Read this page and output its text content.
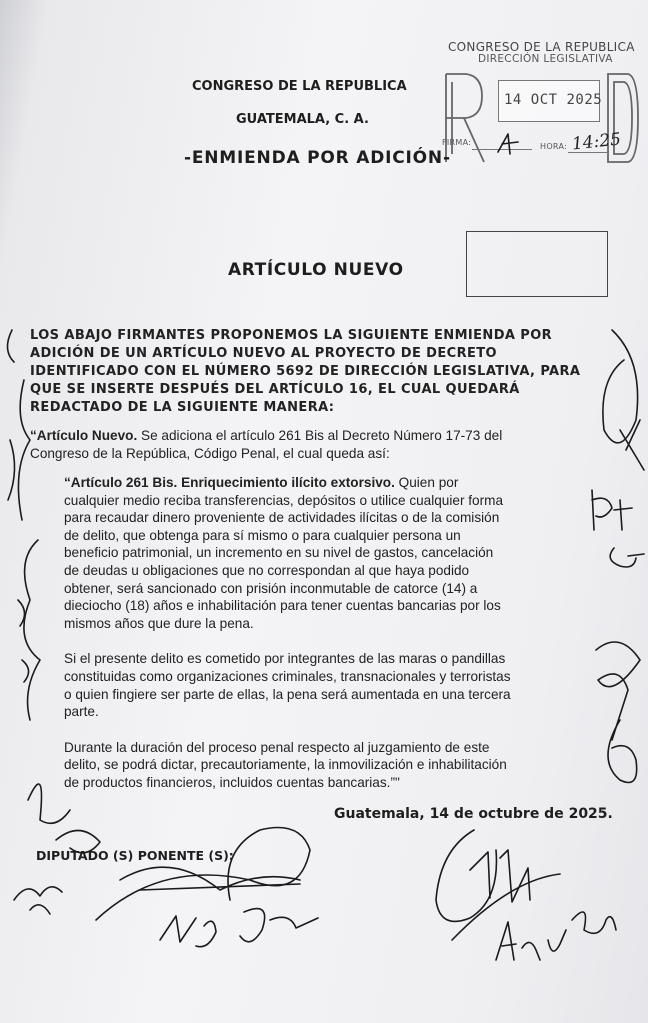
CONGRESO DE LA REPUBLICA
DIRECCIÓN LEGISLATIVA
14 OCT 2025
FIRMA:	HORA: 14:25
CONGRESO DE LA REPUBLICA
GUATEMALA, C. A.
-ENMIENDA POR ADICIÓN-
ARTÍCULO NUEVO
LOS ABAJO FIRMANTES PROPONEMOS LA SIGUIENTE ENMIENDA POR
ADICIÓN DE UN ARTÍCULO NUEVO AL PROYECTO DE DECRETO
IDENTIFICADO CON EL NÚMERO 5692 DE DIRECCIÓN LEGISLATIVA, PARA
QUE SE INSERTE DESPUÉS DEL ARTÍCULO 16, EL CUAL QUEDARÁ
REDACTADO DE LA SIGUIENTE MANERA:
“Artículo Nuevo. Se adiciona el artículo 261 Bis al Decreto Número 17-73 del
Congreso de la República, Código Penal, el cual queda así:
“Artículo 261 Bis. Enriquecimiento ilícito extorsivo. Quien por
cualquier medio reciba transferencias, depósitos o utilice cualquier forma
para recaudar dinero proveniente de actividades ilícitas o de la comisión
de delito, que obtenga para sí mismo o para cualquier persona un
beneficio patrimonial, un incremento en su nivel de gastos, cancelación
de deudas u obligaciones que no correspondan al que haya podido
obtener, será sancionado con prisión inconmutable de catorce (14) a
dieciocho (18) años e inhabilitación para tener cuentas bancarias por los
mismos años que dure la pena.
Si el presente delito es cometido por integrantes de las maras o pandillas
constituidas como organizaciones criminales, transnacionales y terroristas
o quien fingiere ser parte de ellas, la pena será aumentada en una tercera
parte.
Durante la duración del proceso penal respecto al juzgamiento de este
delito, se podrá dictar, precautoriamente, la inmovilización e inhabilitación
de productos financieros, incluidos cuentas bancarias.”"
Guatemala, 14 de octubre de 2025.
DIPUTADO (S) PONENTE (S):
